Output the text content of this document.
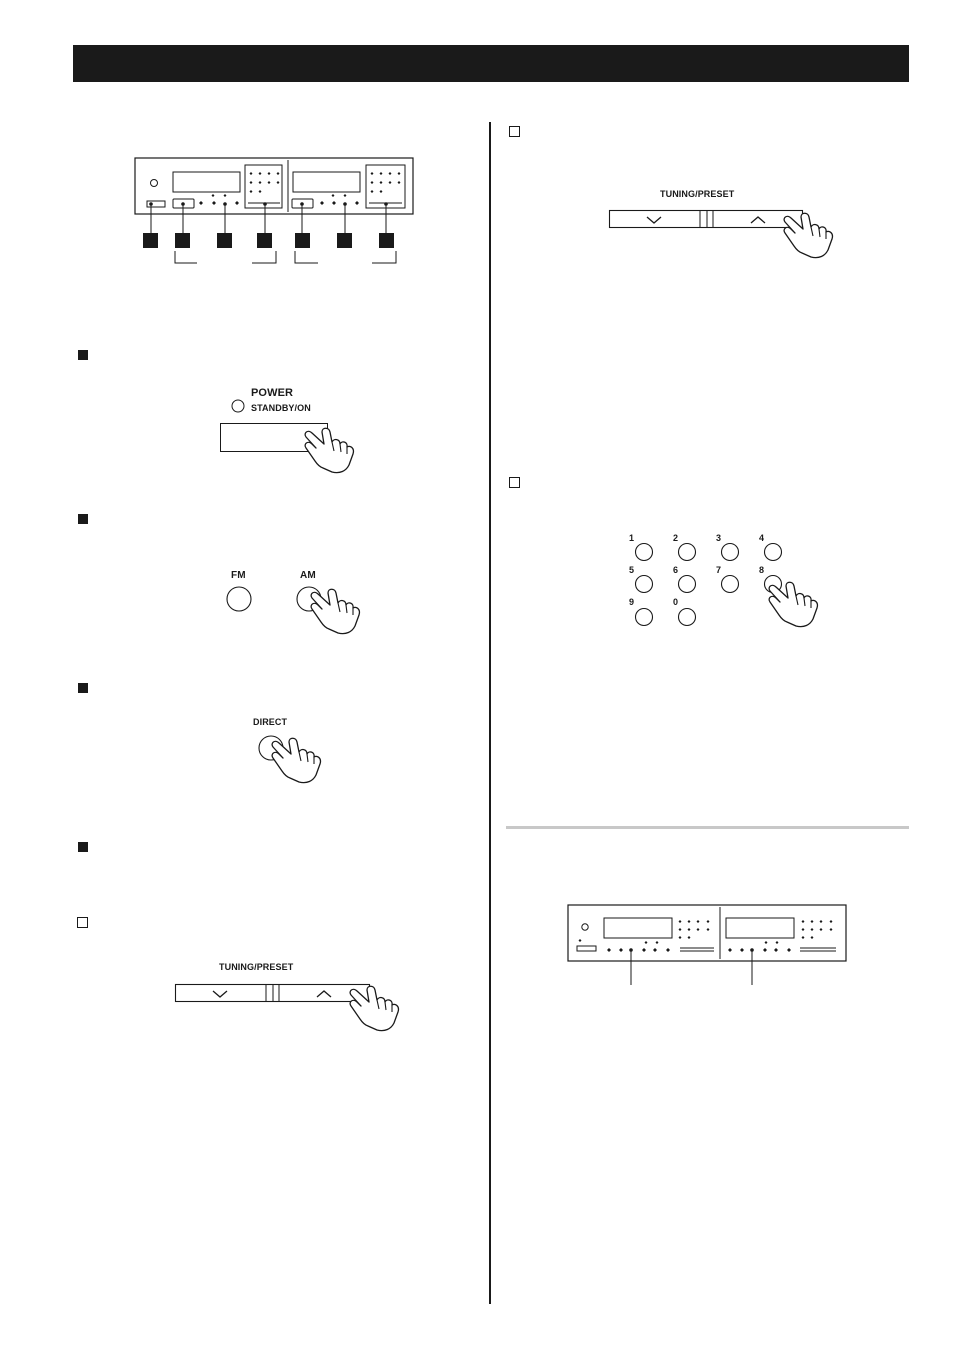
POWER
STANDBY/ON
FM	AM
DIRECT
TUNING/PRESET
TUNING/PRESET
1	2	3	4
5	6	7	8
9	0
